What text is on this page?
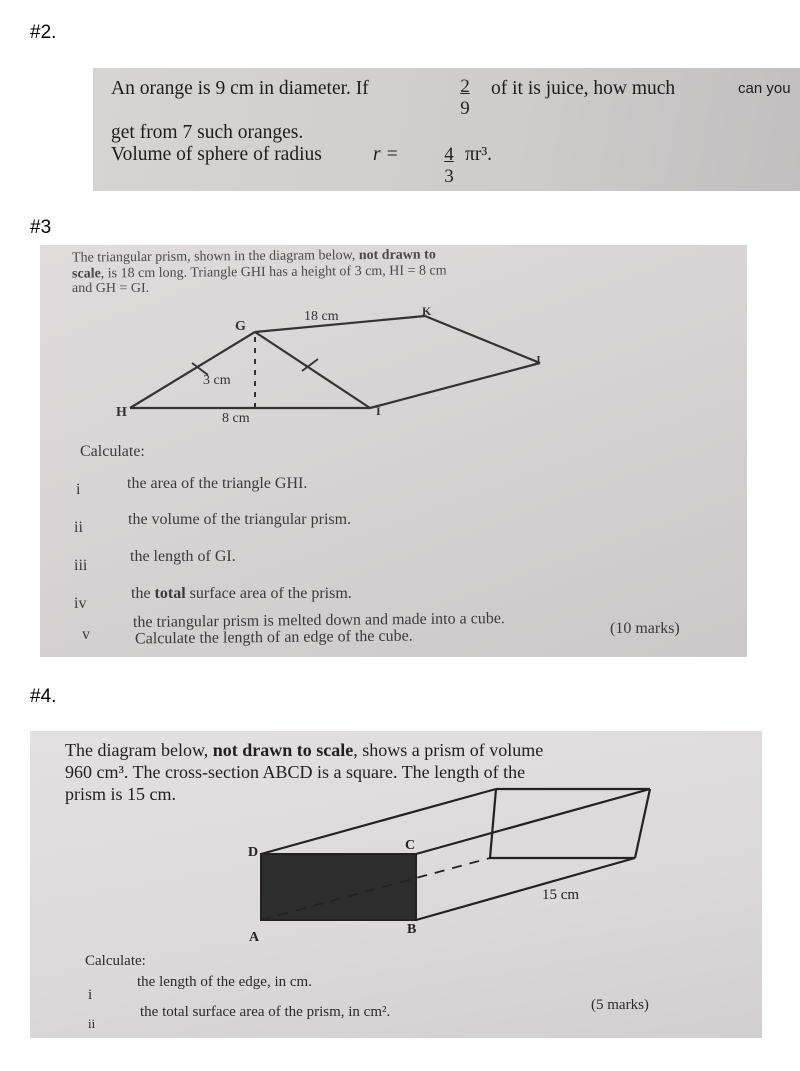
#2.
#3
#4.
An orange is 9 cm in diameter. If	$\frac{2}{9}$ of it is juice, how much	can you
get from 7 such oranges.
Volume of sphere of radius	$r = \frac{4}{3} \pi r^3$.
The triangular prism, shown in the diagram below, not drawn to
scale, is 18 cm long. Triangle GHI has a height of 3 cm, HI = 8 cm
and GH = GI.
G
H	I
J
K
18 cm
3 cm
8 cm
Calculate:
i	the area of the triangle GHI.
ii	the volume of the triangular prism.
iii
the length of GI.
iv
the total surface area of the prism.
v
the triangular prism is melted down and made into a cube.
Calculate the length of an edge of the cube.	(10 marks)
The diagram below, not drawn to scale, shows a prism of volume
960 cm³. The cross-section ABCD is a square. The length of the
prism is 15 cm.
D	C
A
B
15 cm
Calculate:
i
the length of the edge, in cm.
ii
the total surface area of the prism, in cm².	(5 marks)
